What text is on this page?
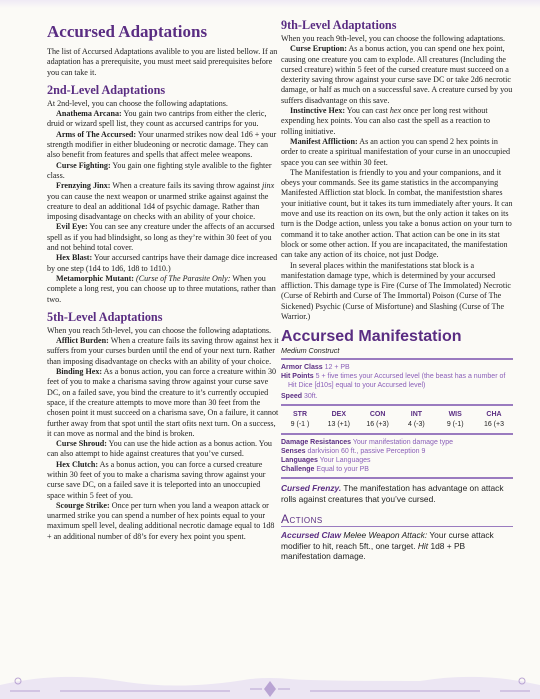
Accursed Adaptations

The list of Accursed Adaptations avalible to you are listed bellow. If an adaptation has a prerequisite, you must meet said prerequisites before you can take it.

2nd-Level Adaptations

At 2nd-level, you can choose the following adaptations.

Anathema Arcana: You gain two cantrips from either the cleric, druid or wizard spell list, they count as accursed cantrips for you.

Arms of The Accursed: Your unarmed strikes now deal 1d6 + your strength modifier in either bludeoning or necrotic damage. They can also benefit from features and spells that affect melee weapons.

Curse Fighting: You gain one fighting style avalible to the fighter class.

Frenzying Jinx: When a creature fails its saving throw against jinx you can cause the next weapon or unarmed strike against against the creature to deal an additional 1d4 of psychic damage. Rather than imposing disadvantage on checks with an ability of your choice.

Evil Eye: You can see any creature under the affects of an accursed spell as if you had blindsight, so long as they’re within 30 feet of you and not behind total cover.

Hex Blast: Your accursed cantrips have their damage dice increased by one step (1d4 to 1d6, 1d8 to 1d10.)

Metamorphic Mutant: (Curse of The Parasite Only: When you complete a long rest, you can choose up to three mutations, rather than two.

5th-Level Adaptations

When you reach 5th-level, you can choose the following adaptations.

Afflict Burden: When a creature fails its saving throw against hex it suffers from your curses burden until the end of your next turn. Rather than imposing disadvantage on checks with an ability of your choice.

Binding Hex: As a bonus action, you can force a creature within 30 feet of you to make a charisma saving throw against your curse save DC, on a failed save, you bind the creature to it’s currently occupied space, if the creature attempts to move more than 30 feet from the chosen point it must succeed on a charisma save, On a failure, it cannot further away from that spot until the start ofits next turn. On a success, it can move as normal and the bind is broken.

Curse Shroud: You can use the hide action as a bonus action. You can also attempt to hide against creatures that you’ve cursed.

Hex Clutch: As a bonus action, you can force a cursed creature within 30 feet of you to make a charisma saving throw against your curse save DC, on a failed save it is teleported into an unoccupied space within 5 feet of you.

Scourge Strike: Once per turn when you land a weapon attack or unarmed strike you can spend a number of hex points equal to your maximum spell level, dealing additional necrotic damage equal to 1d8 + an additional number of d8’s for every hex point you spent.

9th-Level Adaptations

When you reach 9th-level, you can choose the following adaptations.

Curse Eruption: As a bonus action, you can spend one hex point, causing one creature you cam to explode. All creatures (Including the cursed creature) within 5 feet of the cursed creature must succeed on a dexterity saving throw against your curse save DC or take 2d6 necrotic damage, or half as much on a successful save. A creature cursed by you suffers disadvantage on this save.

Instinctive Hex: You can cast hex once per long rest without expending hex points. You can also cast the spell as a reaction to rolling initiative.

Manifest Affliction: As an action you can spend 2 hex points in order to create a spiritual manifestation of your curse in an unoccupied space you can see within 30 feet.

The Manifestation is friendly to you and your companions, and it obeys your commands. See its game statistics in the accompanying Manifested Affliction stat block. In combat, the manifeststion shares your initiative count, but it takes its turn immediately after yours. It can move and use its reaction on its own, but the only action it takes on its turn is the Dodge action, unless you take a bonus action on your turn to command it to take another action. That action can be one in its stat block or some other action. If you are incapacitated, the manifestation can take any action of its choice, not just Dodge.

In several places within the manifestations stat block is a manifestation damage type, which is determined by your accursed affliction. This damage type is Fire (Curse of The Immolated) Necrotic (Curse of Rebirth and Curse of The Immortal) Poison (Curse of The Sickened) Psychic (Curse of Misfortune) and Slashing (Curse of The Warrior.)

Accursed Manifestation
Medium Construct
Armor Class 12 + PB
Hit Points 5 + five times your Accursed level (the beast has a number of Hit Dice [d10s] equal to your Accursed level)
Speed 30ft.
STR
9 (-1 )
DEX
13 (+1)
CON
16 (+3)
INT
4 (-3)
WIS
9 (-1)
CHA
16 (+3
Damage Resistances Your manifestation damage type
Senses darkvision 60 ft., passive Perception 9
Languages Your Languages
Challenge Equal to your PB

Cursed Frenzy. The manifestation has advantage on attack rolls against creatures that you’ve cursed.

Actions

Accursed Claw Melee Weapon Attack: Your curse attack modifier to hit, reach 5ft., one target. Hit 1d8 + PB manifestation damage.
